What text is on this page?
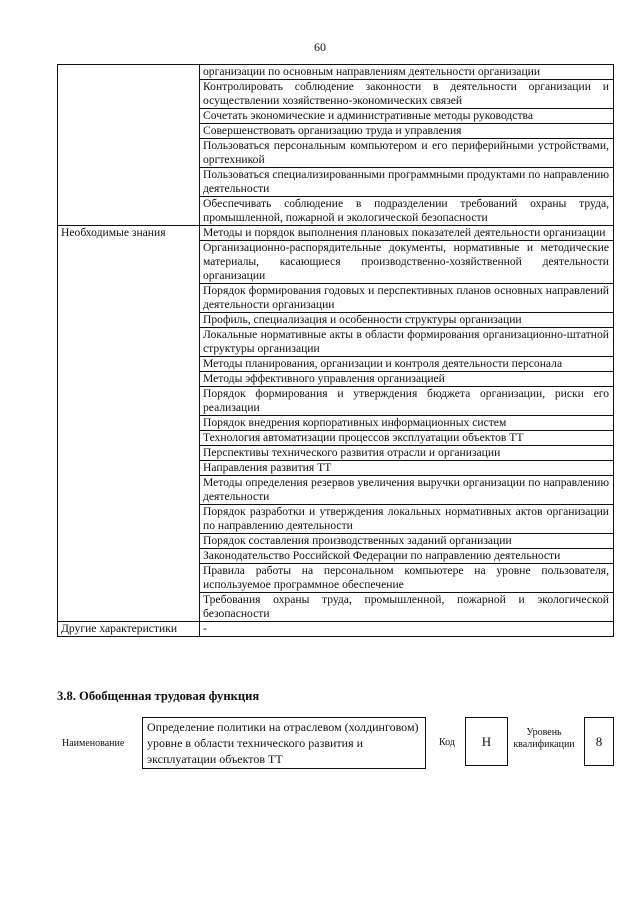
60
	организации по основным направлениям деятельности организации
	Контролировать соблюдение законности в деятельности организации и осуществлении хозяйственно-экономических связей
	Сочетать экономические и административные методы руководства
	Совершенствовать организацию труда и управления
	Пользоваться персональным компьютером и его периферийными устройствами, оргтехникой
	Пользоваться специализированными программными продуктами по направлению деятельности
	Обеспечивать соблюдение в подразделении требований охраны труда, промышленной, пожарной и экологической безопасности
Необходимые знания	Методы и порядок выполнения плановых показателей деятельности организации
	Организационно-распорядительные документы, нормативные и методические материалы, касающиеся производственно-хозяйственной деятельности организации
	Порядок формирования годовых и перспективных планов основных направлений деятельности организации
	Профиль, специализация и особенности структуры организации
	Локальные нормативные акты в области формирования организационно-штатной структуры организации
	Методы планирования, организации и контроля деятельности персонала
	Методы эффективного управления организацией
	Порядок формирования и утверждения бюджета организации, риски его реализации
	Порядок внедрения корпоративных информационных систем
	Технология автоматизации процессов эксплуатации объектов ТТ
	Перспективы технического развития отрасли и организации
	Направления развития ТТ
	Методы определения резервов увеличения выручки организации по направлению деятельности
	Порядок разработки и утверждения локальных нормативных актов организации по направлению деятельности
	Порядок составления производственных заданий организации
	Законодательство Российской Федерации по направлению деятельности
	Правила работы на персональном компьютере на уровне пользователя, используемое программное обеспечение
	Требования охраны труда, промышленной, пожарной и экологической безопасности
Другие характеристики	-
3.8. Обобщенная трудовая функция
Наименование
Определение политики на отраслевом (холдинговом) уровне в области технического развития и эксплуатации объектов ТТ
Код	H
Уровень квалификации	8
